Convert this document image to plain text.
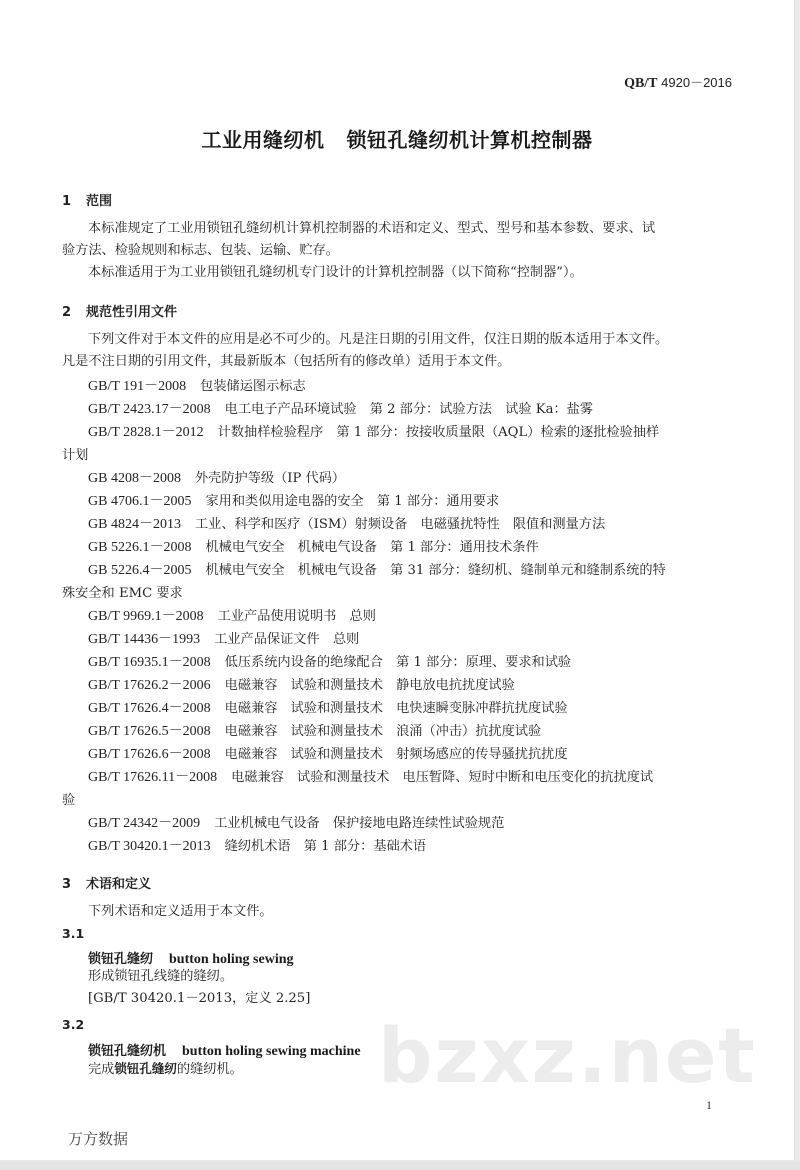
QB/T 4920－2016
工业用缝纫机 锁钮孔缝纫机计算机控制器
1 范围
本标准规定了工业用锁钮孔缝纫机计算机控制器的术语和定义、型式、型号和基本参数、要求、试
验方法、检验规则和标志、包装、运输、贮存。
本标准适用于为工业用锁钮孔缝纫机专门设计的计算机控制器（以下简称“控制器”）。
2 规范性引用文件
下列文件对于本文件的应用是必不可少的。凡是注日期的引用文件，仅注日期的版本适用于本文件。
凡是不注日期的引用文件，其最新版本（包括所有的修改单）适用于本文件。
GB/T 191－2008 包装储运图示标志
GB/T 2423.17－2008 电工电子产品环境试验　第 2 部分：试验方法　试验 Ka：盐雾
GB/T 2828.1－2012 计数抽样检验程序　第 1 部分：按接收质量限（AQL）检索的逐批检验抽样
计划
GB 4208－2008 外壳防护等级（IP 代码）
GB 4706.1－2005 家用和类似用途电器的安全　第 1 部分：通用要求
GB 4824－2013 工业、科学和医疗（ISM）射频设备　电磁骚扰特性　限值和测量方法
GB 5226.1－2008 机械电气安全　机械电气设备　第 1 部分：通用技术条件
GB 5226.4－2005 机械电气安全　机械电气设备　第 31 部分：缝纫机、缝制单元和缝制系统的特
殊安全和 EMC 要求
GB/T 9969.1－2008 工业产品使用说明书　总则
GB/T 14436－1993 工业产品保证文件　总则
GB/T 16935.1－2008 低压系统内设备的绝缘配合　第 1 部分：原理、要求和试验
GB/T 17626.2－2006 电磁兼容　试验和测量技术　静电放电抗扰度试验
GB/T 17626.4－2008 电磁兼容　试验和测量技术　电快速瞬变脉冲群抗扰度试验
GB/T 17626.5－2008 电磁兼容　试验和测量技术　浪涌（冲击）抗扰度试验
GB/T 17626.6－2008 电磁兼容　试验和测量技术　射频场感应的传导骚扰抗扰度
GB/T 17626.11－2008 电磁兼容　试验和测量技术　电压暂降、短时中断和电压变化的抗扰度试
验
GB/T 24342－2009 工业机械电气设备　保护接地电路连续性试验规范
GB/T 30420.1－2013 缝纫机术语　第 1 部分：基础术语
3 术语和定义
下列术语和定义适用于本文件。
3.1
锁钮孔缝纫 button holing sewing
形成锁钮孔线缝的缝纫。
[GB/T 30420.1－2013，定义 2.25]
3.2	bzxz.net
锁钮孔缝纫机 button holing sewing machine
完成锁钮孔缝纫的缝纫机。
1
万方数据
